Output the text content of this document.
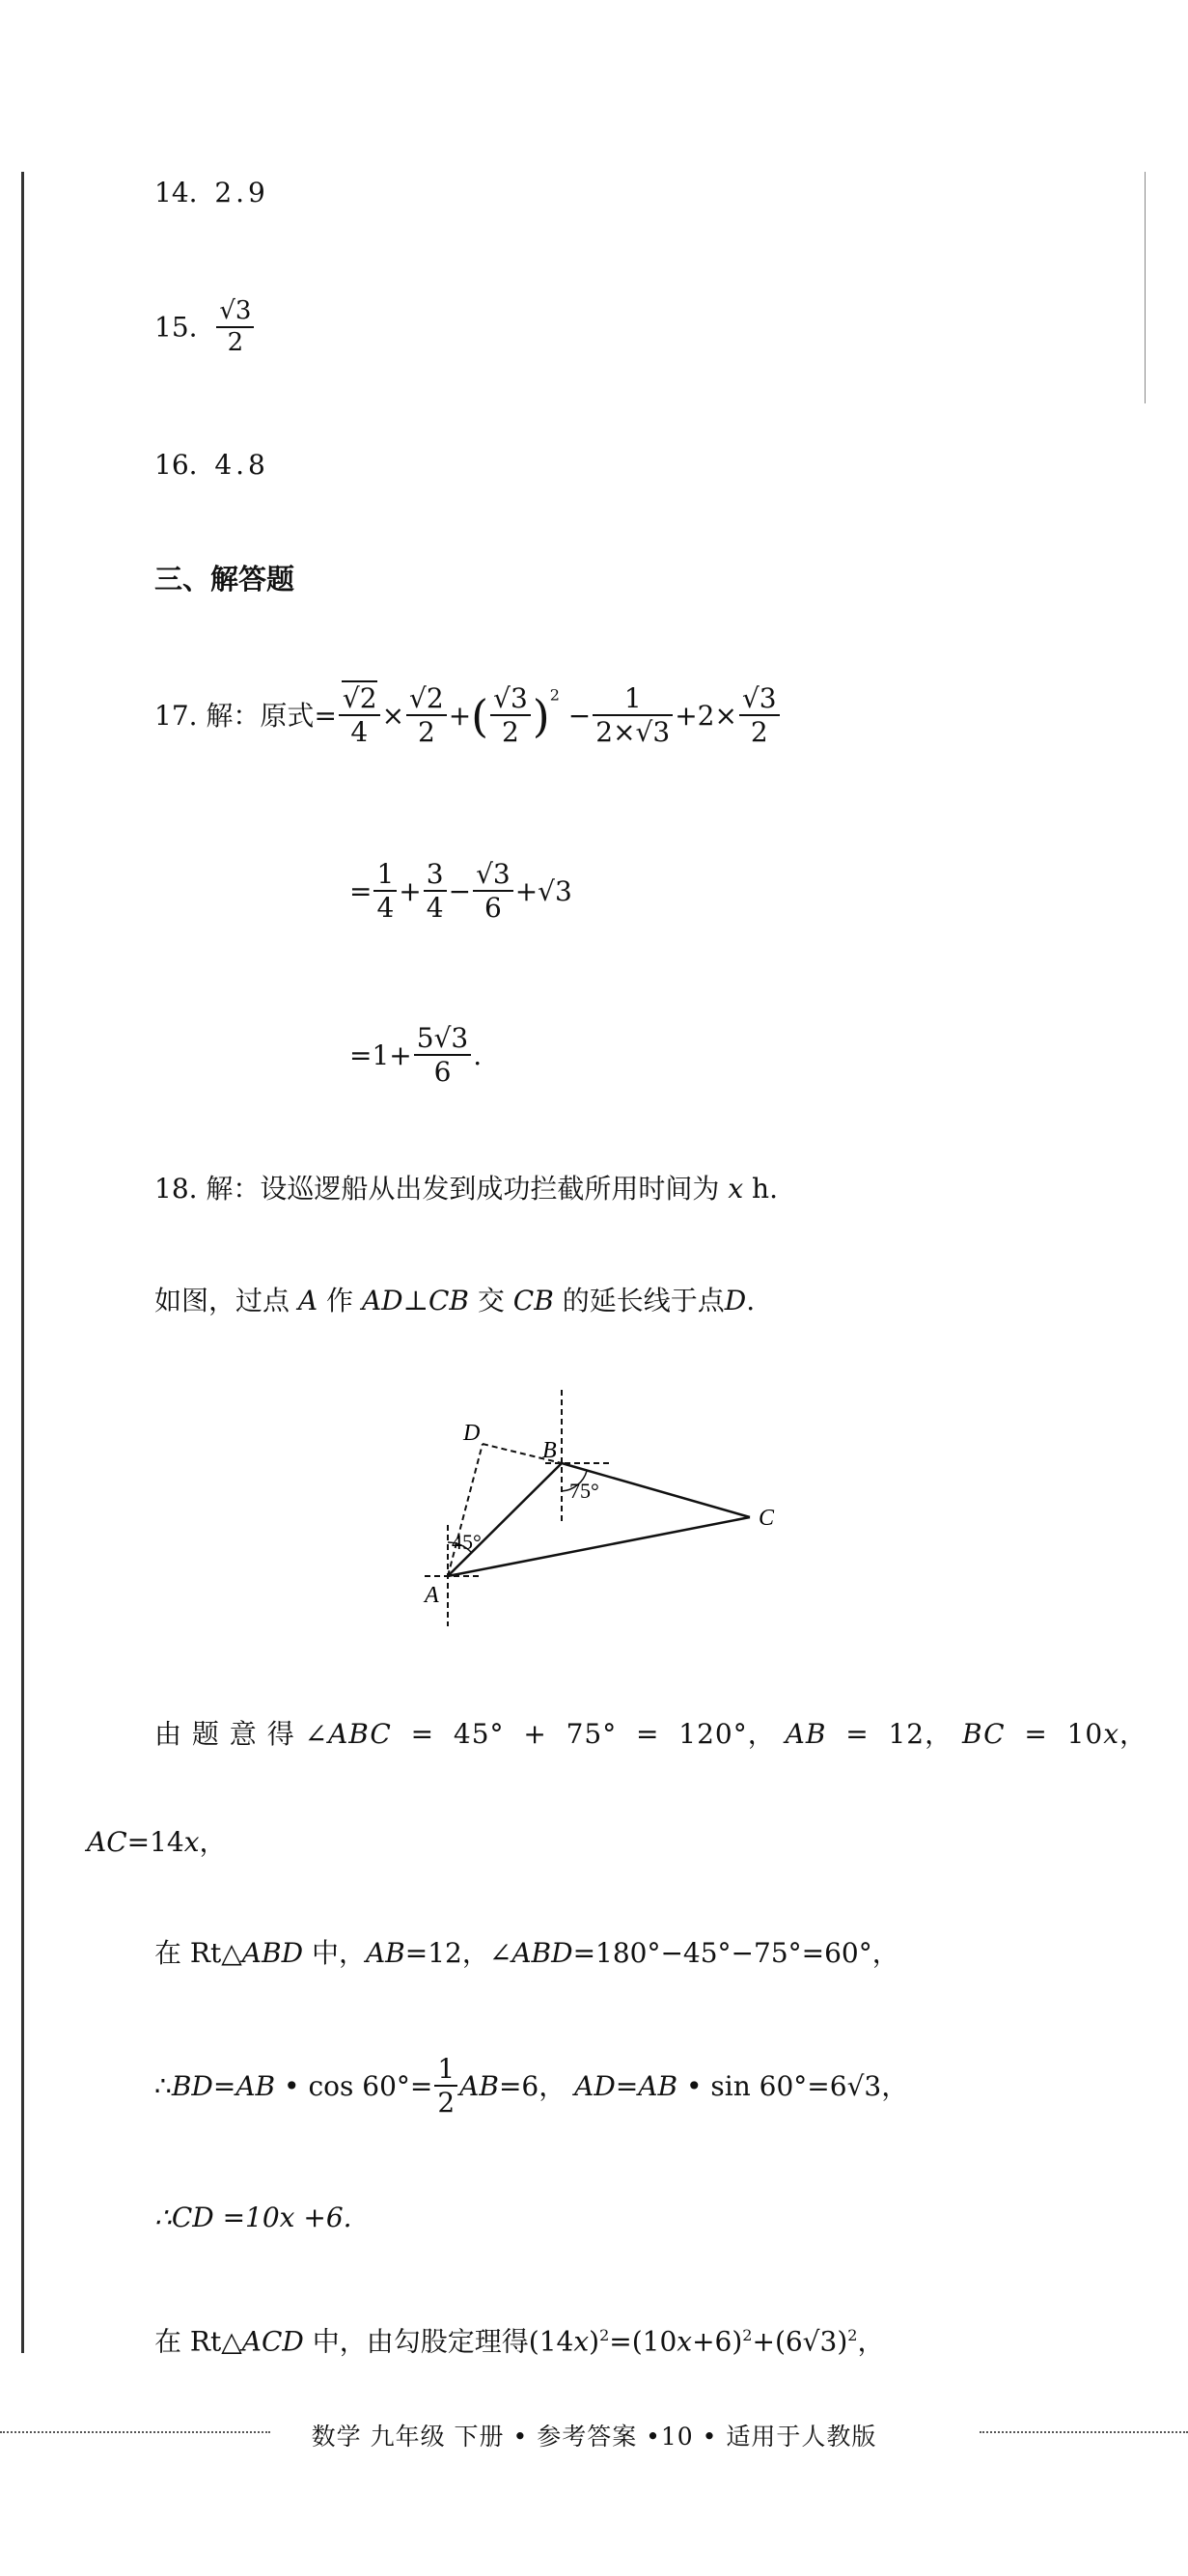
14. 2.9
15. $\frac{√3}{2}$
16. 4.8
三、解答题
17. 解：原式= $\frac{√2}{4} \times \frac{√2}{2}$ +( $\frac{√3}{2} )^2 - \frac{1}{2\times√3} +2\times \frac{√3}{2}$
= $\frac{1}{4} + \frac{3}{4} - \frac{√3}{6} +√3$
$=1+ \frac{5√3}{6}$ .
18. 解：设巡逻船从出发到成功拦截所用时间为 x h.
如图，过点 A 作 AD⊥CB 交 CB 的延长线于点D.
D
B
C
A
45°
75°
由 题 意 得 ∠ABC  =  45°  +  75°  =  120°， AB  =  12， BC  =  10x，
AC=14x，
在 Rt△ABD 中，AB=12，∠ABD=180°−45°−75°=60°，
∴BD=AB • $\cos 60^\circ= \frac{1}{2} AB=6$， AD=AB • sin 60°=6√3，
∴CD =10x +6.
在 Rt△ACD 中，由勾股定理得$(14x)^2=(10x+6)^2+(6√3)^2$，
数学 九年级 下册 • 参考答案 •10 • 适用于人教版
